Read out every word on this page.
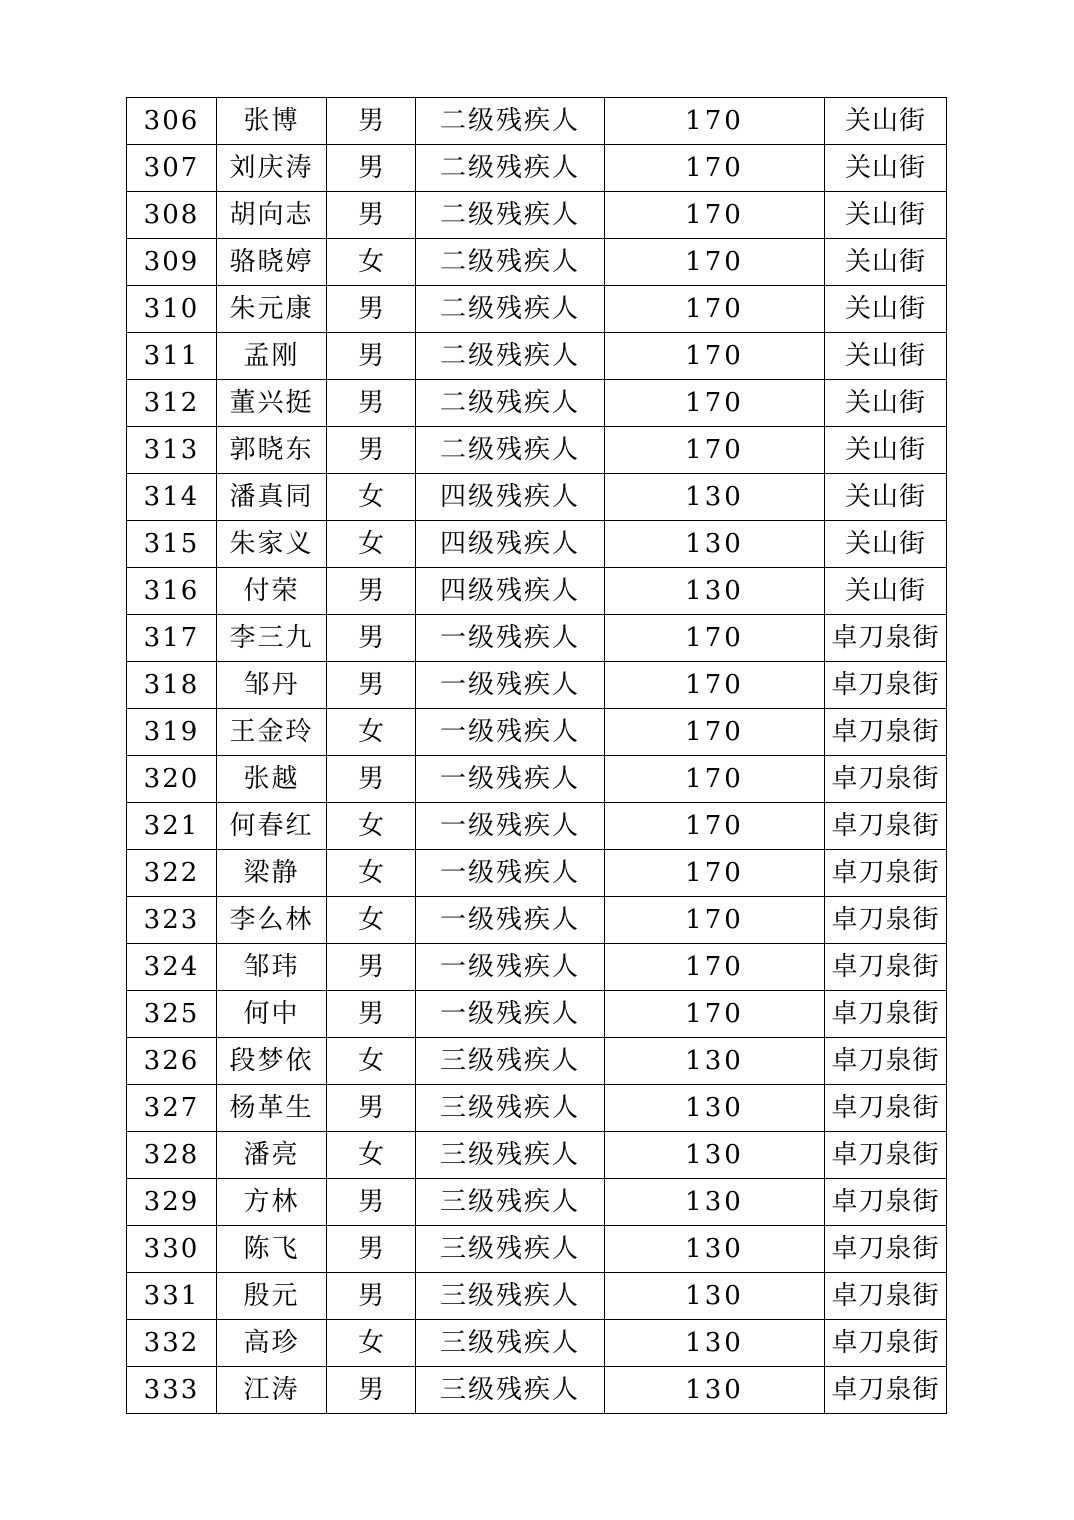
306	张博	男	二级残疾人	170	关山街
307	刘庆涛	男	二级残疾人	170	关山街
308	胡向志	男	二级残疾人	170	关山街
309	骆晓婷	女	二级残疾人	170	关山街
310	朱元康	男	二级残疾人	170	关山街
311	孟刚	男	二级残疾人	170	关山街
312	董兴挺	男	二级残疾人	170	关山街
313	郭晓东	男	二级残疾人	170	关山街
314	潘真同	女	四级残疾人	130	关山街
315	朱家义	女	四级残疾人	130	关山街
316	付荣	男	四级残疾人	130	关山街
317	李三九	男	一级残疾人	170	卓刀泉街
318	邹丹	男	一级残疾人	170	卓刀泉街
319	王金玲	女	一级残疾人	170	卓刀泉街
320	张越	男	一级残疾人	170	卓刀泉街
321	何春红	女	一级残疾人	170	卓刀泉街
322	梁静	女	一级残疾人	170	卓刀泉街
323	李么林	女	一级残疾人	170	卓刀泉街
324	邹玮	男	一级残疾人	170	卓刀泉街
325	何中	男	一级残疾人	170	卓刀泉街
326	段梦依	女	三级残疾人	130	卓刀泉街
327	杨革生	男	三级残疾人	130	卓刀泉街
328	潘亮	女	三级残疾人	130	卓刀泉街
329	方林	男	三级残疾人	130	卓刀泉街
330	陈飞	男	三级残疾人	130	卓刀泉街
331	殷元	男	三级残疾人	130	卓刀泉街
332	高珍	女	三级残疾人	130	卓刀泉街
333	江涛	男	三级残疾人	130	卓刀泉街
